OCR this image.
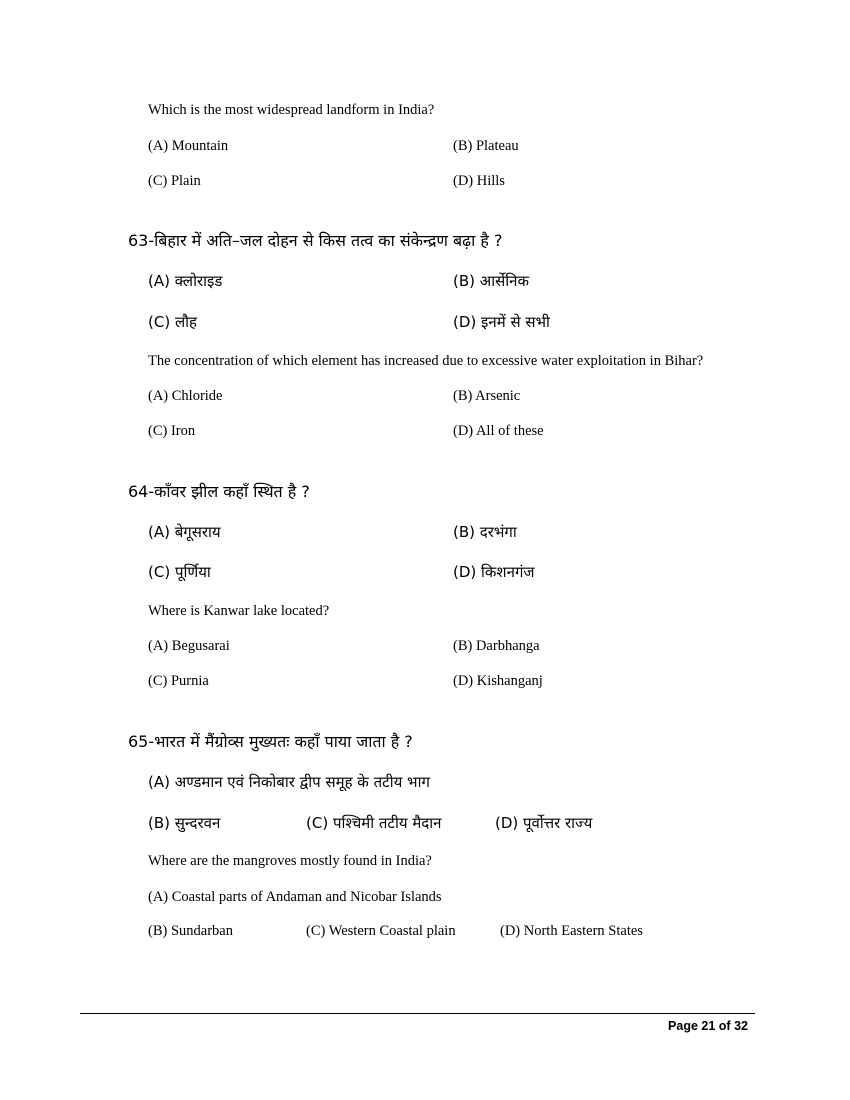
Which is the most widespread landform in India?
(A) Mountain	(B) Plateau
(C) Plain	(D) Hills
63-बिहार में अति–जल दोहन से किस तत्व का संकेन्द्रण बढ़ा है ?
(A) क्लोराइड	(B) आर्सेनिक
(C) लौह	(D) इनमें से सभी
The concentration of which element has increased due to excessive water exploitation in Bihar?
(A) Chloride	(B) Arsenic
(C) Iron	(D) All of these
64-काँवर झील कहाँ स्थित है ?
(A) बेगूसराय	(B) दरभंगा
(C) पूर्णिया	(D) किशनगंज
Where is Kanwar lake located?
(A) Begusarai	(B) Darbhanga
(C) Purnia	(D) Kishanganj
65-भारत में मैंग्रोव्स मुख्यतः कहाँ पाया जाता है ?
(A) अण्डमान एवं निकोबार द्वीप समूह के तटीय भाग
(B) सुन्दरवन	(C) पश्चिमी तटीय मैदान	(D) पूर्वोत्तर राज्य
Where are the mangroves mostly found in India?
(A) Coastal parts of Andaman and Nicobar Islands
(B) Sundarban	(C) Western Coastal plain	(D) North Eastern States
Page 21 of 32
